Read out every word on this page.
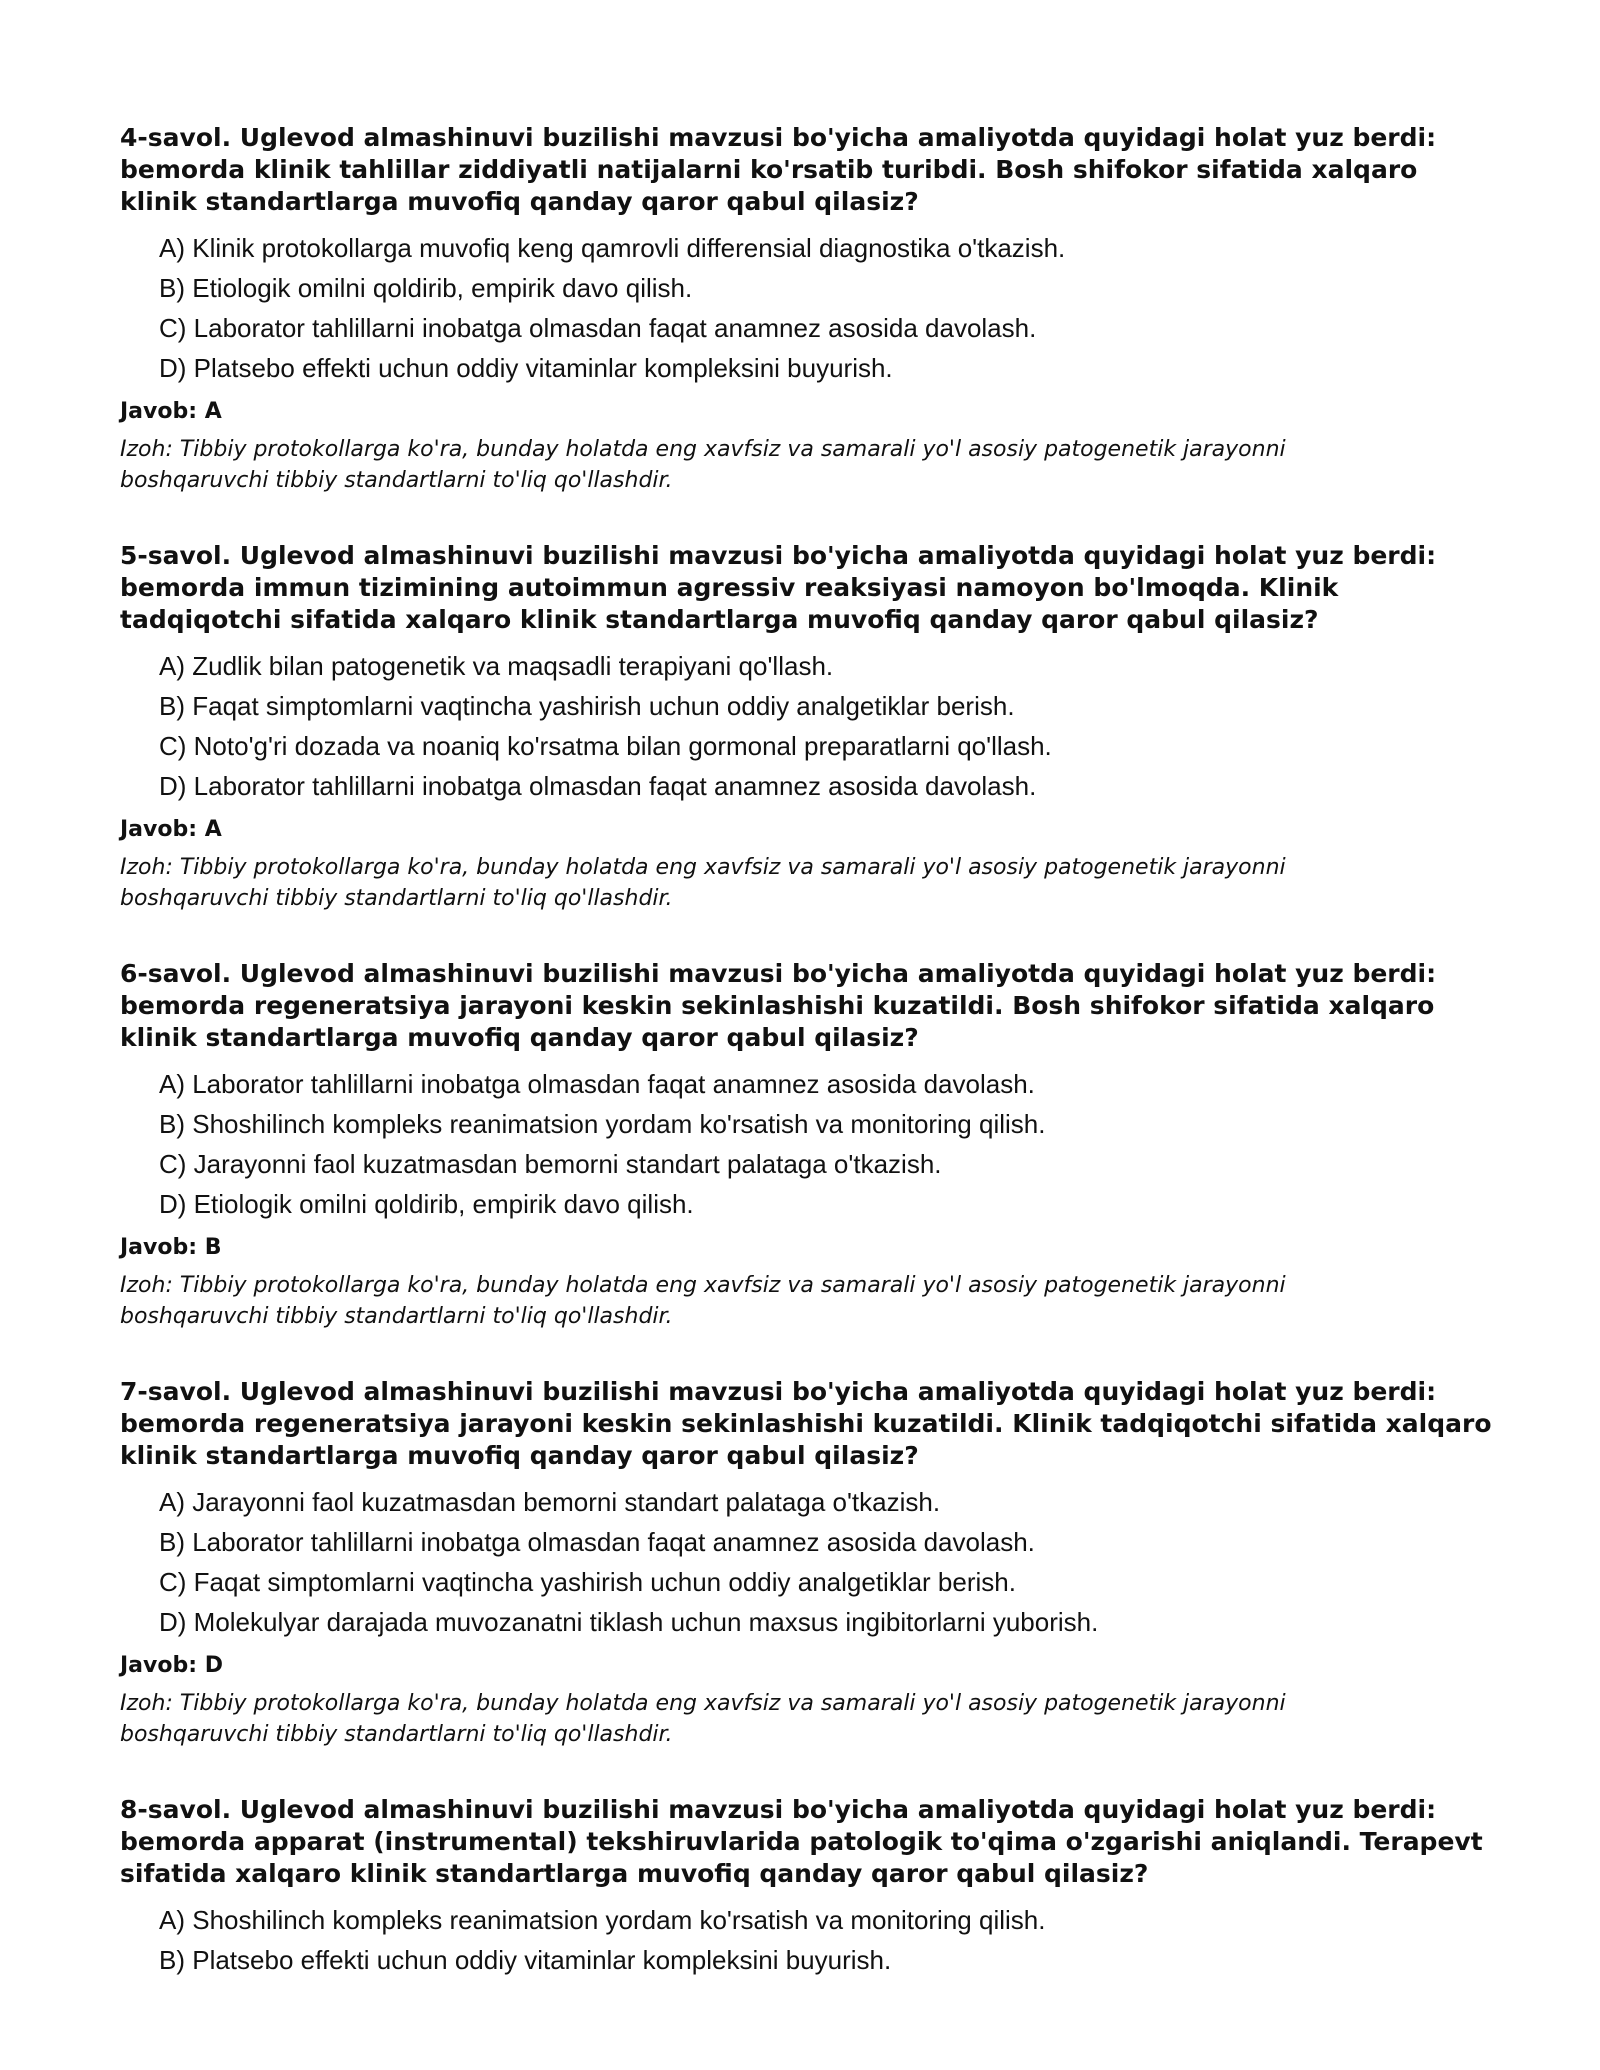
4-savol. Uglevod almashinuvi buzilishi mavzusi bo'yicha amaliyotda quyidagi holat yuz berdi: bemorda klinik tahlillar ziddiyatli natijalarni ko'rsatib turibdi. Bosh shifokor sifatida xalqaro klinik standartlarga muvofiq qanday qaror qabul qilasiz?

A) Klinik protokollarga muvofiq keng qamrovli differensial diagnostika o'tkazish.
B) Etiologik omilni qoldirib, empirik davo qilish.
C) Laborator tahlillarni inobatga olmasdan faqat anamnez asosida davolash.
D) Platsebo effekti uchun oddiy vitaminlar kompleksini buyurish.

Javob: A

Izoh: Tibbiy protokollarga ko'ra, bunday holatda eng xavfsiz va samarali yo'l asosiy patogenetik jarayonni boshqaruvchi tibbiy standartlarni to'liq qo'llashdir.

5-savol. Uglevod almashinuvi buzilishi mavzusi bo'yicha amaliyotda quyidagi holat yuz berdi: bemorda immun tizimining autoimmun agressiv reaksiyasi namoyon bo'lmoqda. Klinik tadqiqotchi sifatida xalqaro klinik standartlarga muvofiq qanday qaror qabul qilasiz?

A) Zudlik bilan patogenetik va maqsadli terapiyani qo'llash.
B) Faqat simptomlarni vaqtincha yashirish uchun oddiy analgetiklar berish.
C) Noto'g'ri dozada va noaniq ko'rsatma bilan gormonal preparatlarni qo'llash.
D) Laborator tahlillarni inobatga olmasdan faqat anamnez asosida davolash.

Javob: A

Izoh: Tibbiy protokollarga ko'ra, bunday holatda eng xavfsiz va samarali yo'l asosiy patogenetik jarayonni boshqaruvchi tibbiy standartlarni to'liq qo'llashdir.

6-savol. Uglevod almashinuvi buzilishi mavzusi bo'yicha amaliyotda quyidagi holat yuz berdi: bemorda regeneratsiya jarayoni keskin sekinlashishi kuzatildi. Bosh shifokor sifatida xalqaro klinik standartlarga muvofiq qanday qaror qabul qilasiz?

A) Laborator tahlillarni inobatga olmasdan faqat anamnez asosida davolash.
B) Shoshilinch kompleks reanimatsion yordam ko'rsatish va monitoring qilish.
C) Jarayonni faol kuzatmasdan bemorni standart palataga o'tkazish.
D) Etiologik omilni qoldirib, empirik davo qilish.

Javob: B

Izoh: Tibbiy protokollarga ko'ra, bunday holatda eng xavfsiz va samarali yo'l asosiy patogenetik jarayonni boshqaruvchi tibbiy standartlarni to'liq qo'llashdir.

7-savol. Uglevod almashinuvi buzilishi mavzusi bo'yicha amaliyotda quyidagi holat yuz berdi: bemorda regeneratsiya jarayoni keskin sekinlashishi kuzatildi. Klinik tadqiqotchi sifatida xalqaro klinik standartlarga muvofiq qanday qaror qabul qilasiz?

A) Jarayonni faol kuzatmasdan bemorni standart palataga o'tkazish.
B) Laborator tahlillarni inobatga olmasdan faqat anamnez asosida davolash.
C) Faqat simptomlarni vaqtincha yashirish uchun oddiy analgetiklar berish.
D) Molekulyar darajada muvozanatni tiklash uchun maxsus ingibitorlarni yuborish.

Javob: D

Izoh: Tibbiy protokollarga ko'ra, bunday holatda eng xavfsiz va samarali yo'l asosiy patogenetik jarayonni boshqaruvchi tibbiy standartlarni to'liq qo'llashdir.

8-savol. Uglevod almashinuvi buzilishi mavzusi bo'yicha amaliyotda quyidagi holat yuz berdi: bemorda apparat (instrumental) tekshiruvlarida patologik to'qima o'zgarishi aniqlandi. Terapevt sifatida xalqaro klinik standartlarga muvofiq qanday qaror qabul qilasiz?

A) Shoshilinch kompleks reanimatsion yordam ko'rsatish va monitoring qilish.
B) Platsebo effekti uchun oddiy vitaminlar kompleksini buyurish.
